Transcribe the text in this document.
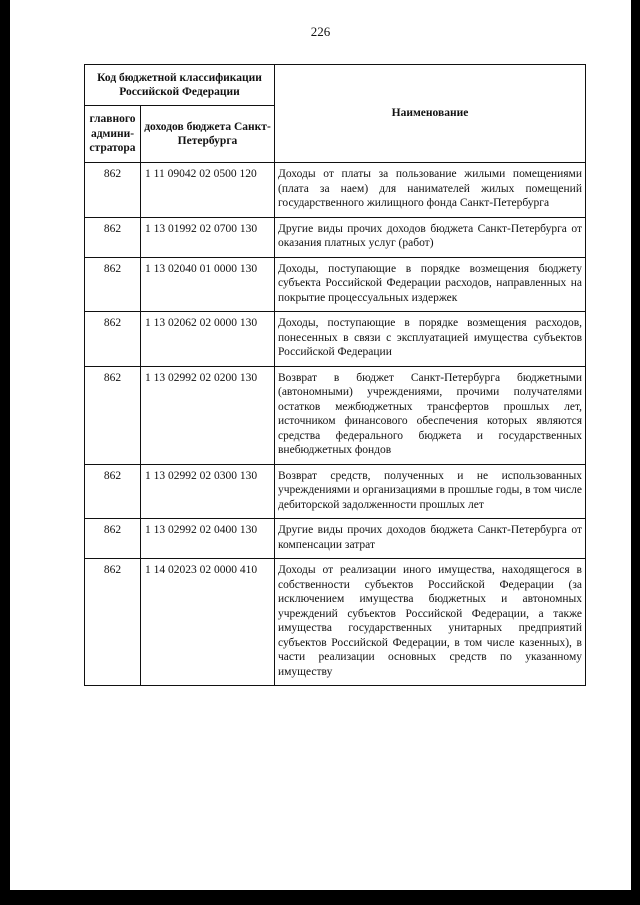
226
Код бюджетной классификации Российской Федерации		Наименование
главного админи-стратора	доходов бюджета Санкт-Петербурга	
862	1 11 09042 02 0500 120	Доходы от платы за пользование жилыми помещениями (плата за наем) для нанимателей жилых помещений государственного жилищного фонда Санкт-Петербурга
862	1 13 01992 02 0700 130	Другие виды прочих доходов бюджета Санкт-Петербурга от оказания платных услуг (работ)
862	1 13 02040 01 0000 130	Доходы, поступающие в порядке возмещения бюджету субъекта Российской Федерации расходов, направленных на покрытие процессуальных издержек
862	1 13 02062 02 0000 130	Доходы, поступающие в порядке возмещения расходов, понесенных в связи с эксплуатацией имущества субъектов Российской Федерации
862	1 13 02992 02 0200 130	Возврат в бюджет Санкт-Петербурга бюджетными (автономными) учреждениями, прочими получателями остатков межбюджетных трансфертов прошлых лет, источником финансового обеспечения которых являются средства федерального бюджета и государственных внебюджетных фондов
862	1 13 02992 02 0300 130	Возврат средств, полученных и не использованных учреждениями и организациями в прошлые годы, в том числе дебиторской задолженности прошлых лет
862	1 13 02992 02 0400 130	Другие виды прочих доходов бюджета Санкт-Петербурга от компенсации затрат
862	1 14 02023 02 0000 410	Доходы от реализации иного имущества, находящегося в собственности субъектов Российской Федерации (за исключением имущества бюджетных и автономных учреждений субъектов Российской Федерации, а также имущества государственных унитарных предприятий субъектов Российской Федерации, в том числе казенных), в части реализации основных средств по указанному имуществу
